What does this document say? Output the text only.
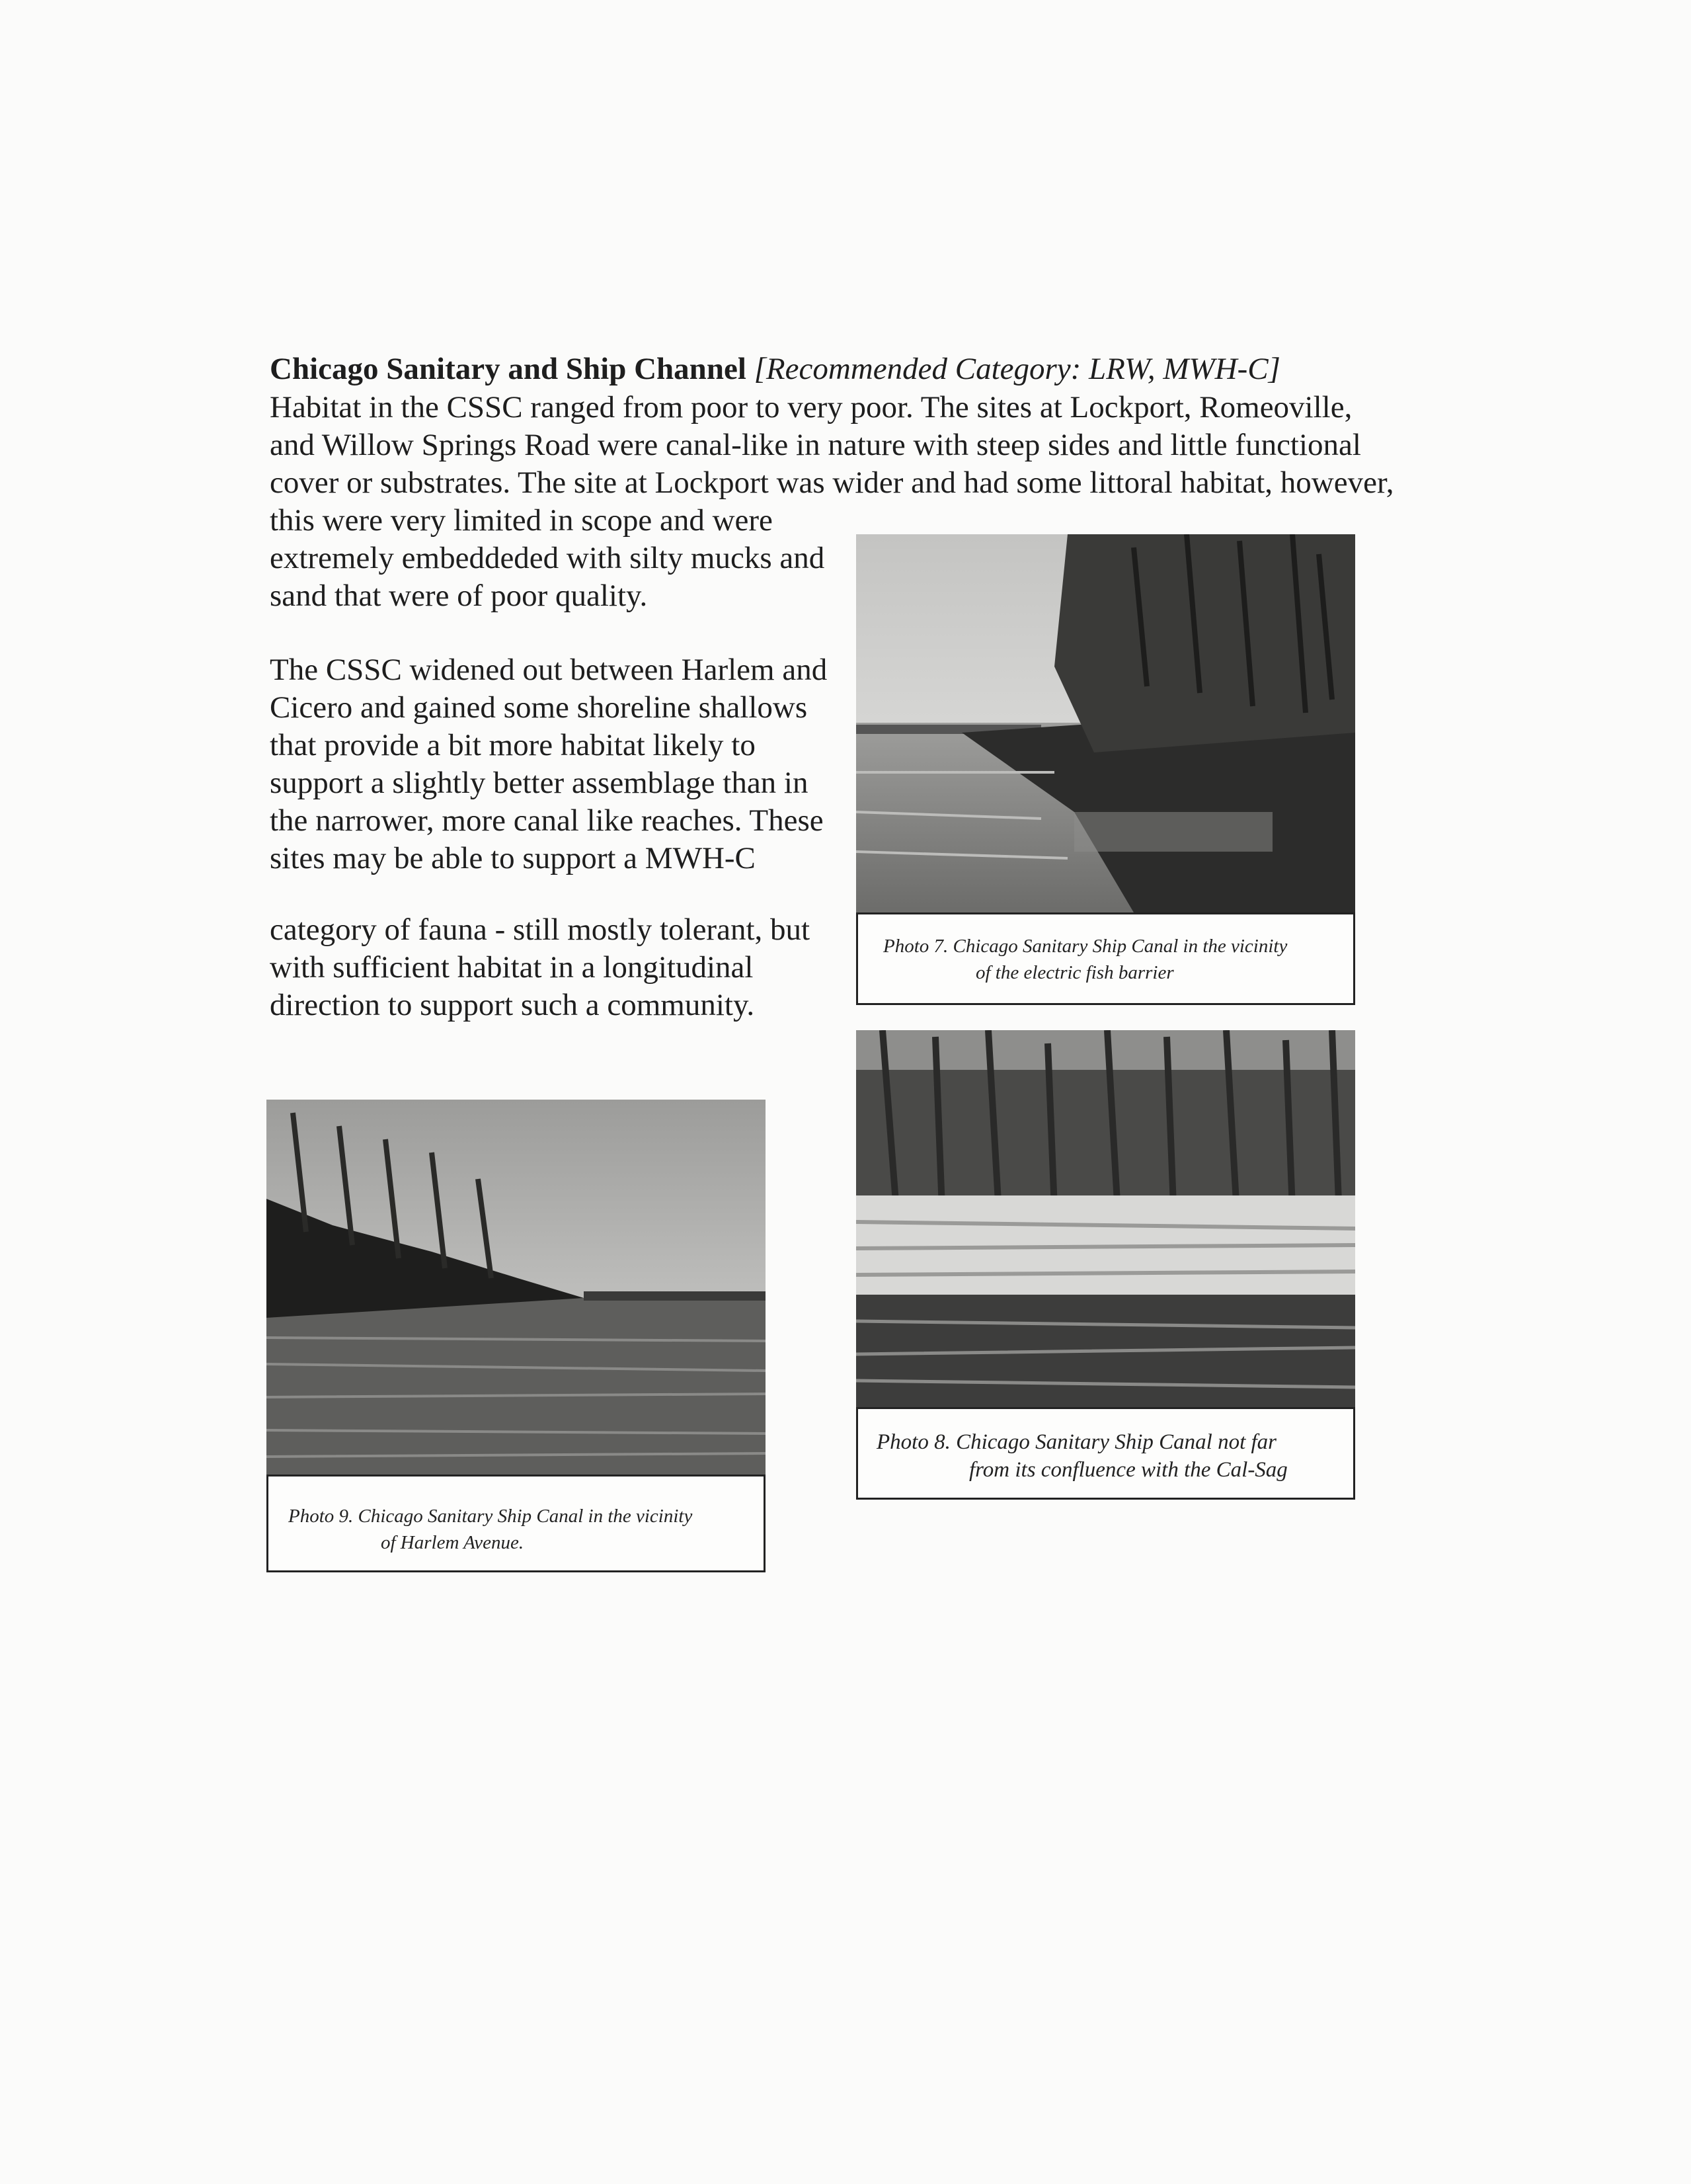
Chicago Sanitary and Ship Channel [Recommended Category: LRW, MWH-C]
Habitat in the CSSC ranged from poor to very poor. The sites at Lockport, Romeoville,
and Willow Springs Road were canal-like in nature with steep sides and little functional
cover or substrates. The site at Lockport was wider and had some littoral habitat, however,
this were very limited in scope and were
extremely embeddeded with silty mucks and
sand that were of poor quality.
The CSSC widened out between Harlem and
Cicero and gained some shoreline shallows
that provide a bit more habitat likely to
support a slightly better assemblage than in
the narrower, more canal like reaches. These
sites may be able to support a MWH-C
category of fauna - still mostly tolerant, but
with sufficient habitat in a longitudinal
direction to support such a community.
Photo 7. Chicago Sanitary Ship Canal in the vicinity
of the electric fish barrier
Photo 8. Chicago Sanitary Ship Canal not far
from its confluence with the Cal-Sag
Photo 9. Chicago Sanitary Ship Canal in the vicinity
of Harlem Avenue.
